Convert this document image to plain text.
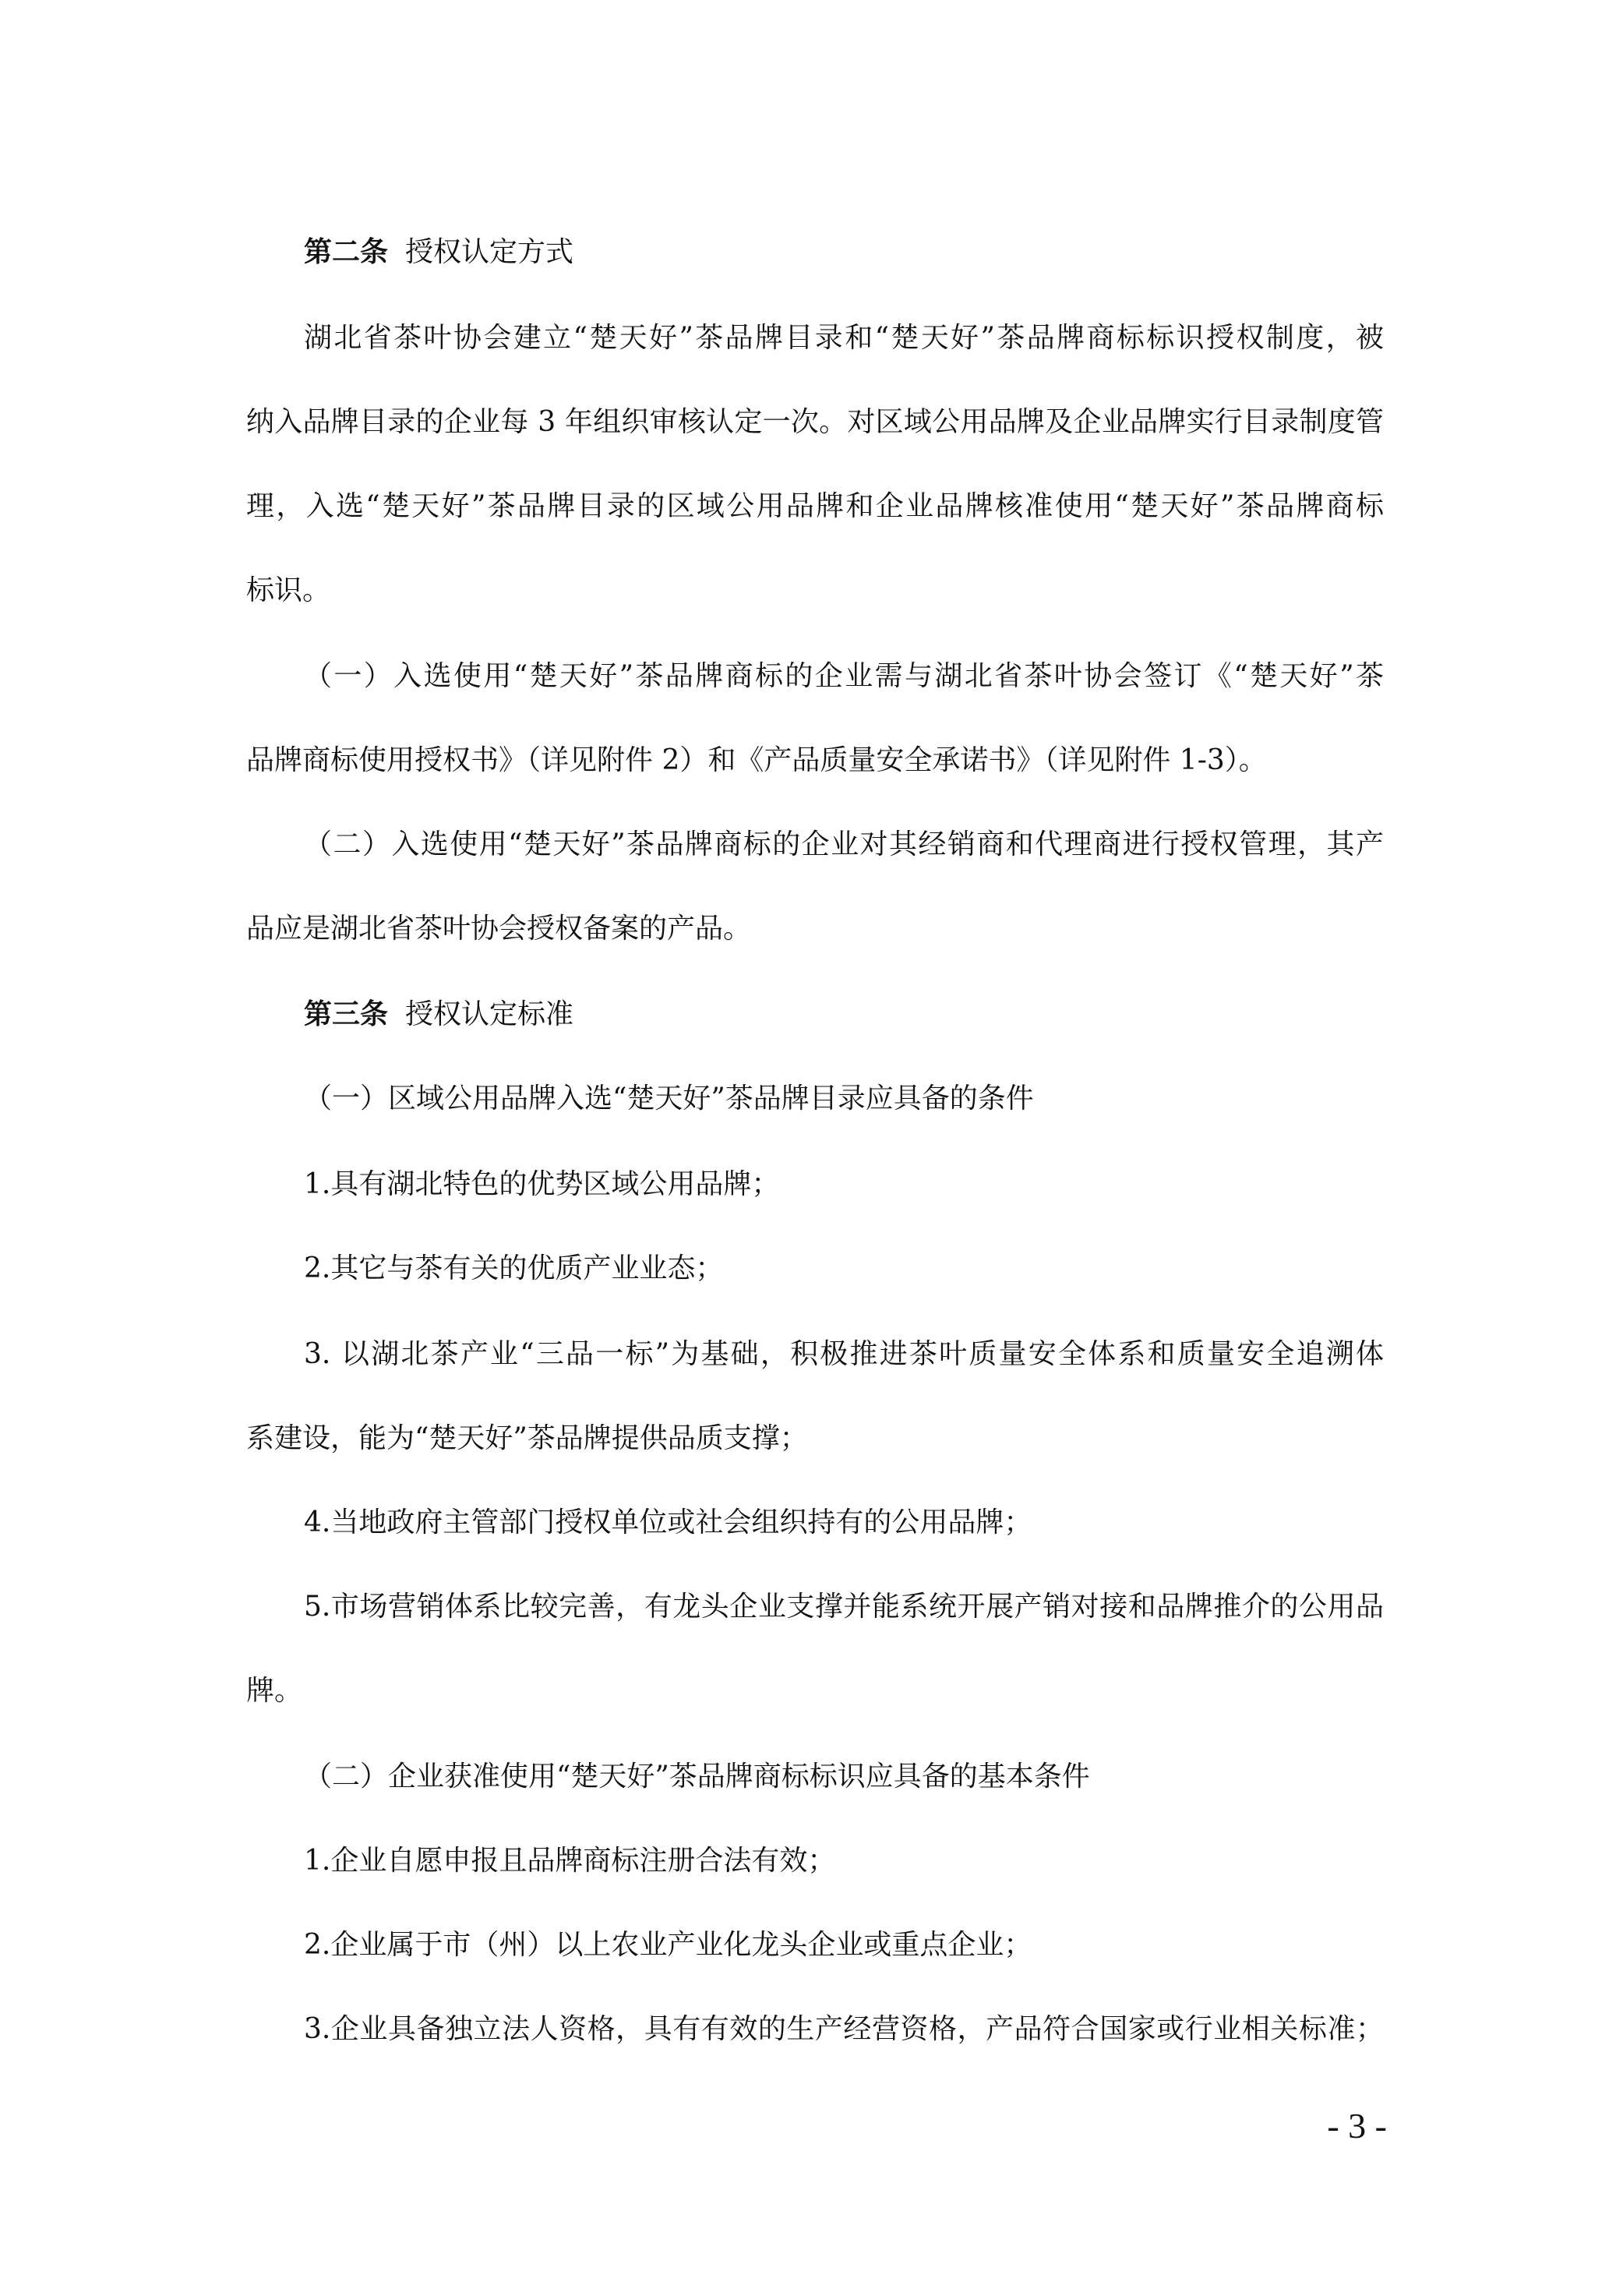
第二条 授权认定方式
湖北省茶叶协会建立“楚天好”茶品牌目录和“楚天好”茶品牌商标标识授权制度，被
纳入品牌目录的企业每 3 年组织审核认定一次。对区域公用品牌及企业品牌实行目录制度管
理，入选“楚天好”茶品牌目录的区域公用品牌和企业品牌核准使用“楚天好”茶品牌商标
标识。
（一）入选使用“楚天好”茶品牌商标的企业需与湖北省茶叶协会签订《“楚天好”茶
品牌商标使用授权书》（详见附件 2）和《产品质量安全承诺书》（详见附件 1-3）。
（二）入选使用“楚天好”茶品牌商标的企业对其经销商和代理商进行授权管理，其产
品应是湖北省茶叶协会授权备案的产品。
第三条 授权认定标准
（一）区域公用品牌入选“楚天好”茶品牌目录应具备的条件
1.具有湖北特色的优势区域公用品牌；
2.其它与茶有关的优质产业业态；
3. 以湖北茶产业“三品一标”为基础，积极推进茶叶质量安全体系和质量安全追溯体
系建设，能为“楚天好”茶品牌提供品质支撑；
4.当地政府主管部门授权单位或社会组织持有的公用品牌；
5.市场营销体系比较完善，有龙头企业支撑并能系统开展产销对接和品牌推介的公用品
牌。
（二）企业获准使用“楚天好”茶品牌商标标识应具备的基本条件
1.企业自愿申报且品牌商标注册合法有效；
2.企业属于市（州）以上农业产业化龙头企业或重点企业；
3.企业具备独立法人资格，具有有效的生产经营资格，产品符合国家或行业相关标准；
- 3 -
